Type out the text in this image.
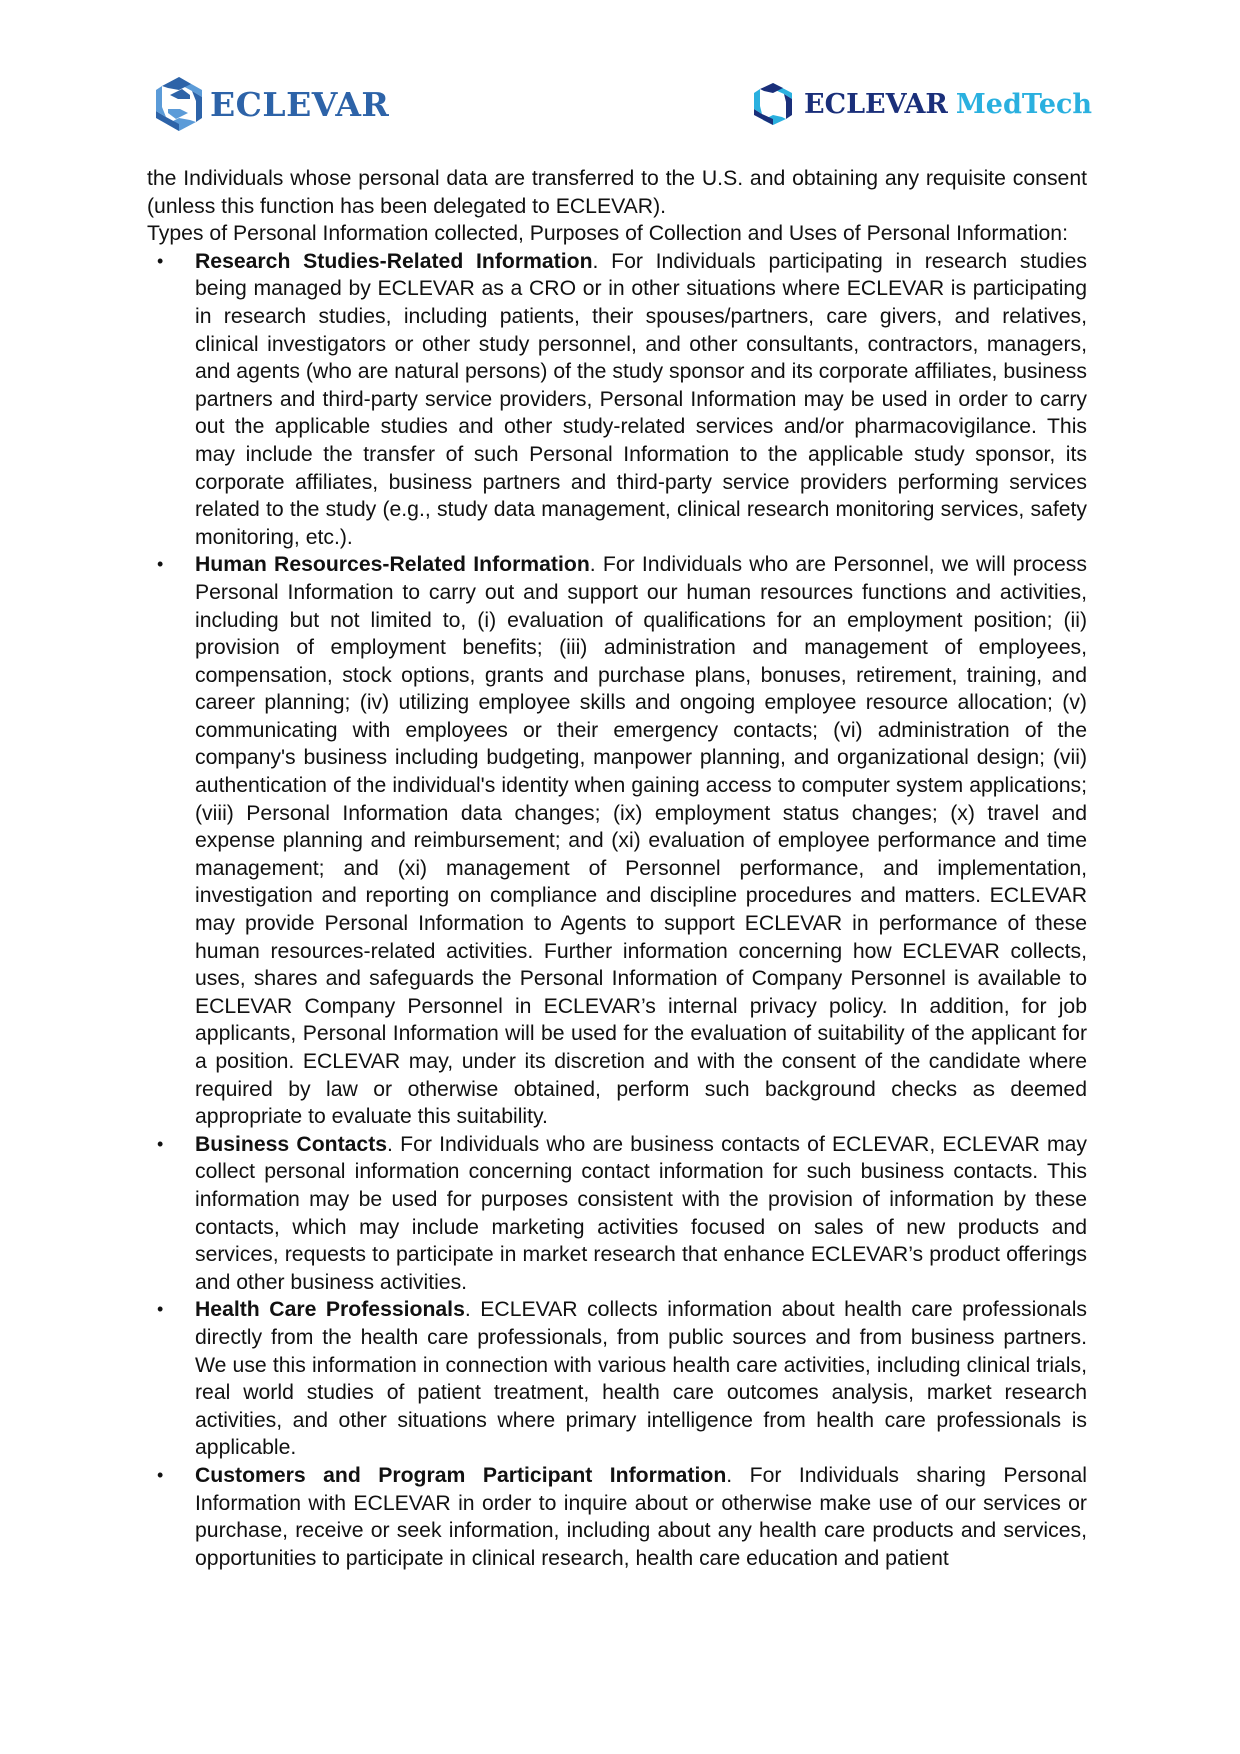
ECLEVAR	ECLEVAR MedTech

the Individuals whose personal data are transferred to the U.S. and obtaining any requisite consent (unless this function has been delegated to ECLEVAR).

Types of Personal Information collected, Purposes of Collection and Uses of Personal Information:

• Research Studies-Related Information. For Individuals participating in research studies being managed by ECLEVAR as a CRO or in other situations where ECLEVAR is participating in research studies, including patients, their spouses/partners, care givers, and relatives, clinical investigators or other study personnel, and other consultants, contractors, managers, and agents (who are natural persons) of the study sponsor and its corporate affiliates, business partners and third-party service providers, Personal Information may be used in order to carry out the applicable studies and other study-related services and/or pharmacovigilance. This may include the transfer of such Personal Information to the applicable study sponsor, its corporate affiliates, business partners and third-party service providers performing services related to the study (e.g., study data management, clinical research monitoring services, safety monitoring, etc.).
• Human Resources-Related Information. For Individuals who are Personnel, we will process Personal Information to carry out and support our human resources functions and activities, including but not limited to, (i) evaluation of qualifications for an employment position; (ii) provision of employment benefits; (iii) administration and management of employees, compensation, stock options, grants and purchase plans, bonuses, retirement, training, and career planning; (iv) utilizing employee skills and ongoing employee resource allocation; (v) communicating with employees or their emergency contacts; (vi) administration of the company's business including budgeting, manpower planning, and organizational design; (vii) authentication of the individual's identity when gaining access to computer system applications; (viii) Personal Information data changes; (ix) employment status changes; (x) travel and expense planning and reimbursement; and (xi) evaluation of employee performance and time management; and (xi) management of Personnel performance, and implementation, investigation and reporting on compliance and discipline procedures and matters. ECLEVAR may provide Personal Information to Agents to support ECLEVAR in performance of these human resources-related activities. Further information concerning how ECLEVAR collects, uses, shares and safeguards the Personal Information of Company Personnel is available to ECLEVAR Company Personnel in ECLEVAR’s internal privacy policy. In addition, for job applicants, Personal Information will be used for the evaluation of suitability of the applicant for a position. ECLEVAR may, under its discretion and with the consent of the candidate where required by law or otherwise obtained, perform such background checks as deemed appropriate to evaluate this suitability.
• Business Contacts. For Individuals who are business contacts of ECLEVAR, ECLEVAR may collect personal information concerning contact information for such business contacts. This information may be used for purposes consistent with the provision of information by these contacts, which may include marketing activities focused on sales of new products and services, requests to participate in market research that enhance ECLEVAR’s product offerings and other business activities.
• Health Care Professionals. ECLEVAR collects information about health care professionals directly from the health care professionals, from public sources and from business partners. We use this information in connection with various health care activities, including clinical trials, real world studies of patient treatment, health care outcomes analysis, market research activities, and other situations where primary intelligence from health care professionals is applicable.
• Customers and Program Participant Information. For Individuals sharing Personal Information with ECLEVAR in order to inquire about or otherwise make use of our services or purchase, receive or seek information, including about any health care products and services, opportunities to participate in clinical research, health care education and patient
